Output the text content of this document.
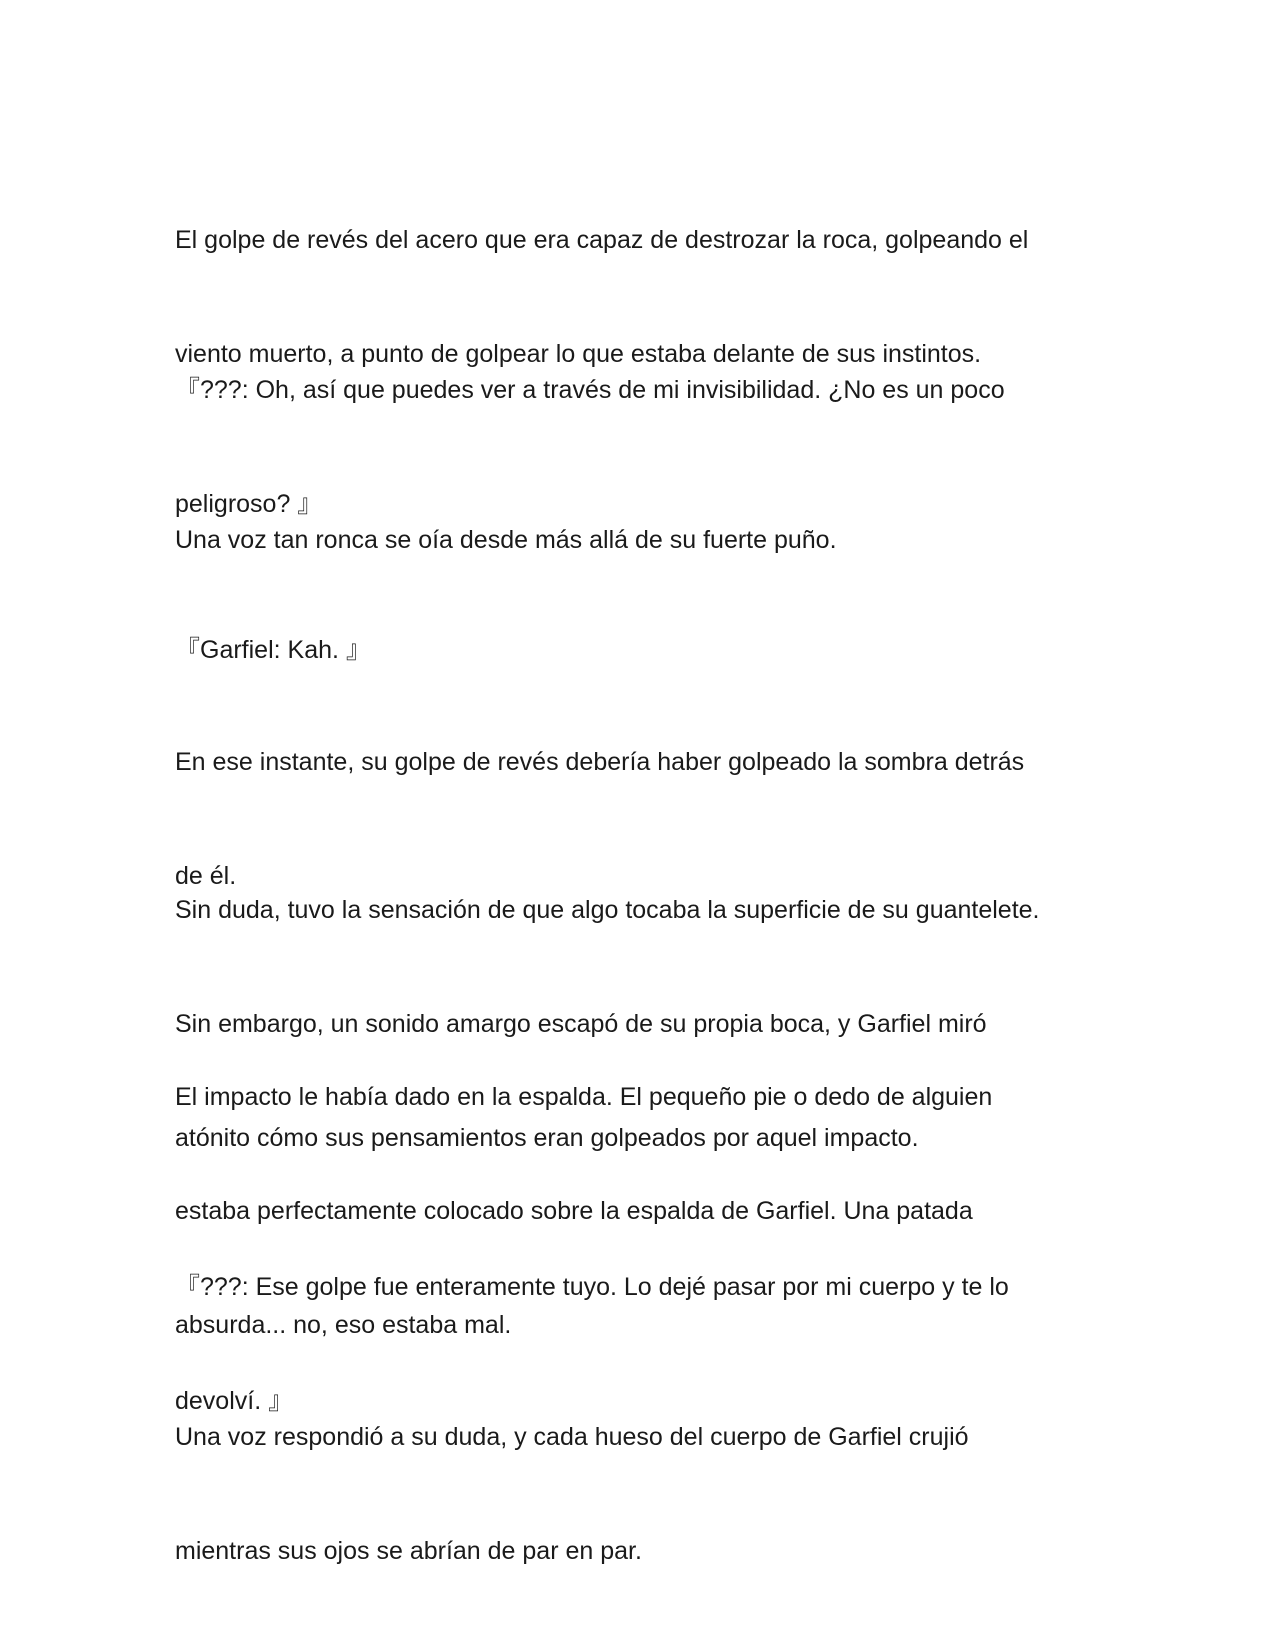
El golpe de revés del acero que era capaz de destrozar la roca, golpeando el

viento muerto, a punto de golpear lo que estaba delante de sus instintos.

『???: Oh, así que puedes ver a través de mi invisibilidad. ¿No es un poco

peligroso? 』

Una voz tan ronca se oía desde más allá de su fuerte puño.

『Garfiel: Kah. 』

En ese instante, su golpe de revés debería haber golpeado la sombra detrás

de él.

Sin duda, tuvo la sensación de que algo tocaba la superficie de su guantelete.

Sin embargo, un sonido amargo escapó de su propia boca, y Garfiel miró

atónito cómo sus pensamientos eran golpeados por aquel impacto.

El impacto le había dado en la espalda. El pequeño pie o dedo de alguien

estaba perfectamente colocado sobre la espalda de Garfiel. Una patada

absurda... no, eso estaba mal.

『???: Ese golpe fue enteramente tuyo. Lo dejé pasar por mi cuerpo y te lo

devolví. 』

Una voz respondió a su duda, y cada hueso del cuerpo de Garfiel crujió

mientras sus ojos se abrían de par en par.
